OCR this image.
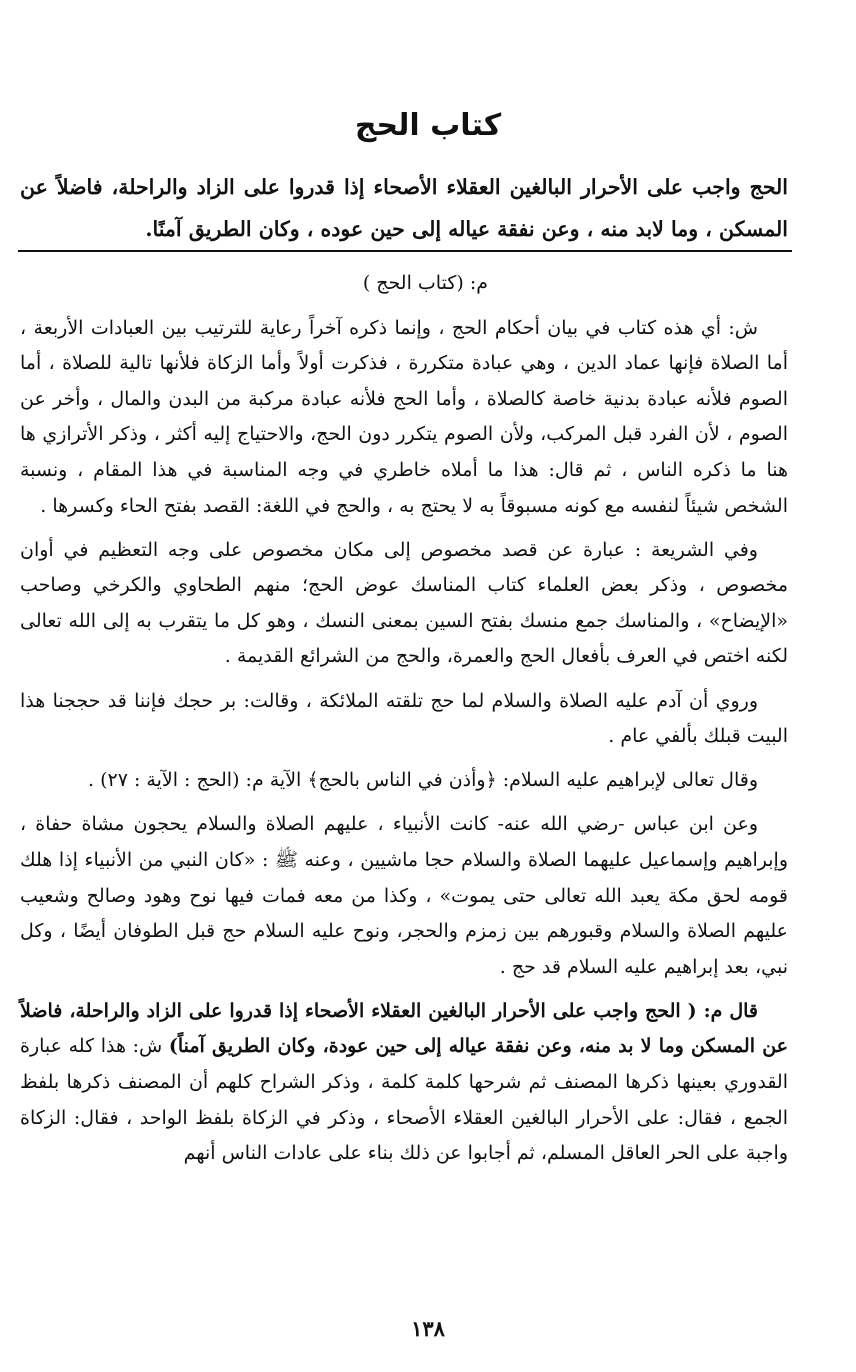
كتاب الحج
الحج واجب على الأحرار البالغين العقلاء الأصحاء إذا قدروا على الزاد والراحلة، فاضلاً عن المسكن ، وما لابد منه ، وعن نفقة عياله إلى حين عوده ، وكان الطريق آمنًا.

م: (كتاب الحج )

ش: أي هذه كتاب في بيان أحكام الحج ، وإنما ذكره آخراً رعاية للترتيب بين العبادات الأربعة ، أما الصلاة فإنها عماد الدين ، وهي عبادة متكررة ، فذكرت أولاً وأما الزكاة فلأنها تالية للصلاة ، أما الصوم فلأنه عبادة بدنية خاصة كالصلاة ، وأما الحج فلأنه عبادة مركبة من البدن والمال ، وأخر عن الصوم ، لأن الفرد قبل المركب، ولأن الصوم يتكرر دون الحج، والاحتياج إليه أكثر ، وذكر الأترازي ها هنا ما ذكره الناس ، ثم قال: هذا ما أملاه خاطري في وجه المناسبة في هذا المقام ، ونسبة الشخص شيئاً لنفسه مع كونه مسبوقاً به لا يحتج به ، والحج في اللغة: القصد بفتح الحاء وكسرها .

وفي الشريعة : عبارة عن قصد مخصوص إلى مكان مخصوص على وجه التعظيم في أوان مخصوص ، وذكر بعض العلماء كتاب المناسك عوض الحج؛ منهم الطحاوي والكرخي وصاحب «الإيضاح» ، والمناسك جمع منسك بفتح السين بمعنى النسك ، وهو كل ما يتقرب به إلى الله تعالى لكنه اختص في العرف بأفعال الحج والعمرة، والحج من الشرائع القديمة .

وروي أن آدم عليه الصلاة والسلام لما حج تلقته الملائكة ، وقالت: بر حجك فإننا قد حججنا هذا البيت قبلك بألفي عام .

وقال تعالى لإبراهيم عليه السلام: ﴿وأذن في الناس بالحج﴾ الآية م: (الحج : الآية : ٢٧) .

وعن ابن عباس -رضي الله عنه- كانت الأنبياء ، عليهم الصلاة والسلام يحجون مشاة حفاة ، وإبراهيم وإسماعيل عليهما الصلاة والسلام حجا ماشيين ، وعنه ﷺ : «كان النبي من الأنبياء إذا هلك قومه لحق مكة يعبد الله تعالى حتى يموت» ، وكذا من معه فمات فيها نوح وهود وصالح وشعيب عليهم الصلاة والسلام وقبورهم بين زمزم والحجر، ونوح عليه السلام حج قبل الطوفان أيضًا ، وكل نبي، بعد إبراهيم عليه السلام قد حج .

قال م: ( الحج واجب على الأحرار البالغين العقلاء الأصحاء إذا قدروا على الزاد والراحلة، فاضلاً عن المسكن وما لا بد منه، وعن نفقة عياله إلى حين عودة، وكان الطريق آمناً) ش: هذا كله عبارة القدوري بعينها ذكرها المصنف ثم شرحها كلمة كلمة ، وذكر الشراح كلهم أن المصنف ذكرها بلفظ الجمع ، فقال: على الأحرار البالغين العقلاء الأصحاء ، وذكر في الزكاة بلفظ الواحد ، فقال: الزكاة واجبة على الحر العاقل المسلم، ثم أجابوا عن ذلك بناء على عادات الناس أنهم

١٣٨
